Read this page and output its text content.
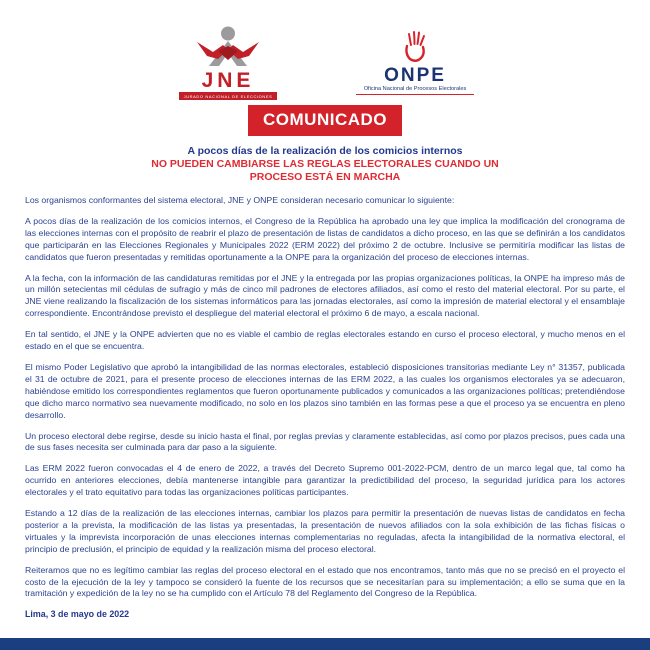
JNE
JURADO NACIONAL DE ELECCIONES
ONPE
Oficina Nacional de Procesos Electorales
COMUNICADO
A pocos días de la realización de los comicios internos
NO PUEDEN CAMBIARSE LAS REGLAS ELECTORALES CUANDO UN PROCESO ESTÁ EN MARCHA

Los organismos conformantes del sistema electoral, JNE y ONPE consideran necesario comunicar lo siguiente:

A pocos días de la realización de los comicios internos, el Congreso de la República ha aprobado una ley que implica la modificación del cronograma de las elecciones internas con el propósito de reabrir el plazo de presentación de listas de candidatos a dicho proceso, en las que se definirán a los candidatos que participarán en las Elecciones Regionales y Municipales 2022 (ERM 2022) del próximo 2 de octubre. Inclusive se permitiría modificar las listas de candidatos que fueron presentadas y remitidas oportunamente a la ONPE para la organización del proceso de elecciones internas.

A la fecha, con la información de las candidaturas remitidas por el JNE y la entregada por las propias organizaciones políticas, la ONPE ha impreso más de un millón setecientas mil cédulas de sufragio y más de cinco mil padrones de electores afiliados, así como el resto del material electoral. Por su parte, el JNE viene realizando la fiscalización de los sistemas informáticos para las jornadas electorales, así como la impresión de material electoral y el ensamblaje correspondiente. Encontrándose previsto el despliegue del material electoral el próximo 6 de mayo, a escala nacional.

En tal sentido, el JNE y la ONPE advierten que no es viable el cambio de reglas electorales estando en curso el proceso electoral, y mucho menos en el estado en el que se encuentra.

El mismo Poder Legislativo que aprobó la intangibilidad de las normas electorales, estableció disposiciones transitorias mediante Ley n° 31357, publicada el 31 de octubre de 2021, para el presente proceso de elecciones internas de las ERM 2022, a las cuales los organismos electorales ya se adecuaron, habiéndose emitido los correspondientes reglamentos que fueron oportunamente publicados y comunicados a las organizaciones políticas; pretendiéndose que dicho marco normativo sea nuevamente modificado, no solo en los plazos sino también en las formas pese a que el proceso ya se encuentra en pleno desarrollo.

Un proceso electoral debe regirse, desde su inicio hasta el final, por reglas previas y claramente establecidas, así como por plazos precisos, pues cada una de sus fases necesita ser culminada para dar paso a la siguiente.

Las ERM 2022 fueron convocadas el 4 de enero de 2022, a través del Decreto Supremo 001-2022-PCM, dentro de un marco legal que, tal como ha ocurrido en anteriores elecciones, debía mantenerse intangible para garantizar la predictibilidad del proceso, la seguridad jurídica para los actores electorales y el trato equitativo para todas las organizaciones políticas participantes.

Estando a 12 días de la realización de las elecciones internas, cambiar los plazos para permitir la presentación de nuevas listas de candidatos en fecha posterior a la prevista, la modificación de las listas ya presentadas, la presentación de nuevos afiliados con la sola exhibición de las fichas físicas o virtuales y la imprevista incorporación de unas elecciones internas complementarias no reguladas, afecta la intangibilidad de la normativa electoral, el principio de preclusión, el principio de equidad y la realización misma del proceso electoral.

Reiteramos que no es legítimo cambiar las reglas del proceso electoral en el estado que nos encontramos, tanto más que no se precisó en el proyecto el costo de la ejecución de la ley y tampoco se consideró la fuente de los recursos que se necesitarían para su implementación; a ello se suma que en la tramitación y expedición de la ley no se ha cumplido con el Artículo 78 del Reglamento del Congreso de la República.

Lima, 3 de mayo de 2022
